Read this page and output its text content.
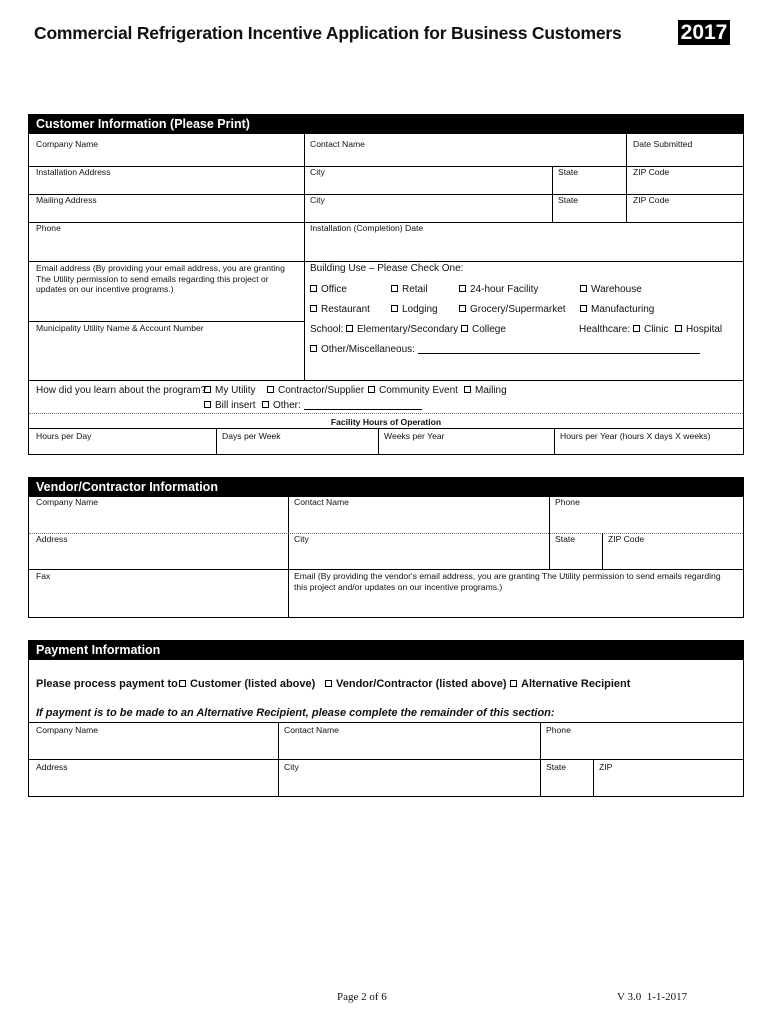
Commercial Refrigeration Incentive Application for Business Customers	2017
Customer Information (Please Print)
Company Name	Contact Name	Date Submitted
Installation Address	City	State	ZIP Code
Mailing Address	City	State	ZIP Code
Phone	Installation (Completion) Date
Email address (By providing your email address, you are granting The Utility permission to send emails regarding this project or updates on our incentive programs.)
Municipality Utility Name & Account Number
Building Use – Please Check One:
Office	Retail	24-hour Facility	Warehouse
Restaurant	Lodging	Grocery/Supermarket	Manufacturing
School:	Elementary/Secondary	College	Healthcare:	Clinic	Hospital
Other/Miscellaneous:
How did you learn about the program? My Utility	Contractor/Supplier	Community Event	Mailing
Bill insert	Other:
Facility Hours of Operation
Hours per Day	Days per Week	Weeks per Year	Hours per Year (hours X days X weeks)
Vendor/Contractor Information
Company Name	Contact Name	Phone
Address	City	State	ZIP Code
Fax	Email (By providing the vendor's email address, you are granting The Utility permission to send emails regarding this project and/or updates on our incentive programs.)
Payment Information
Please process payment to: Customer (listed above)	Vendor/Contractor (listed above)	Alternative Recipient
If payment is to be made to an Alternative Recipient, please complete the remainder of this section:
Company Name	Contact Name	Phone
Address	City	State	ZIP
Page 2 of 6	V 3.0  1-1-2017
